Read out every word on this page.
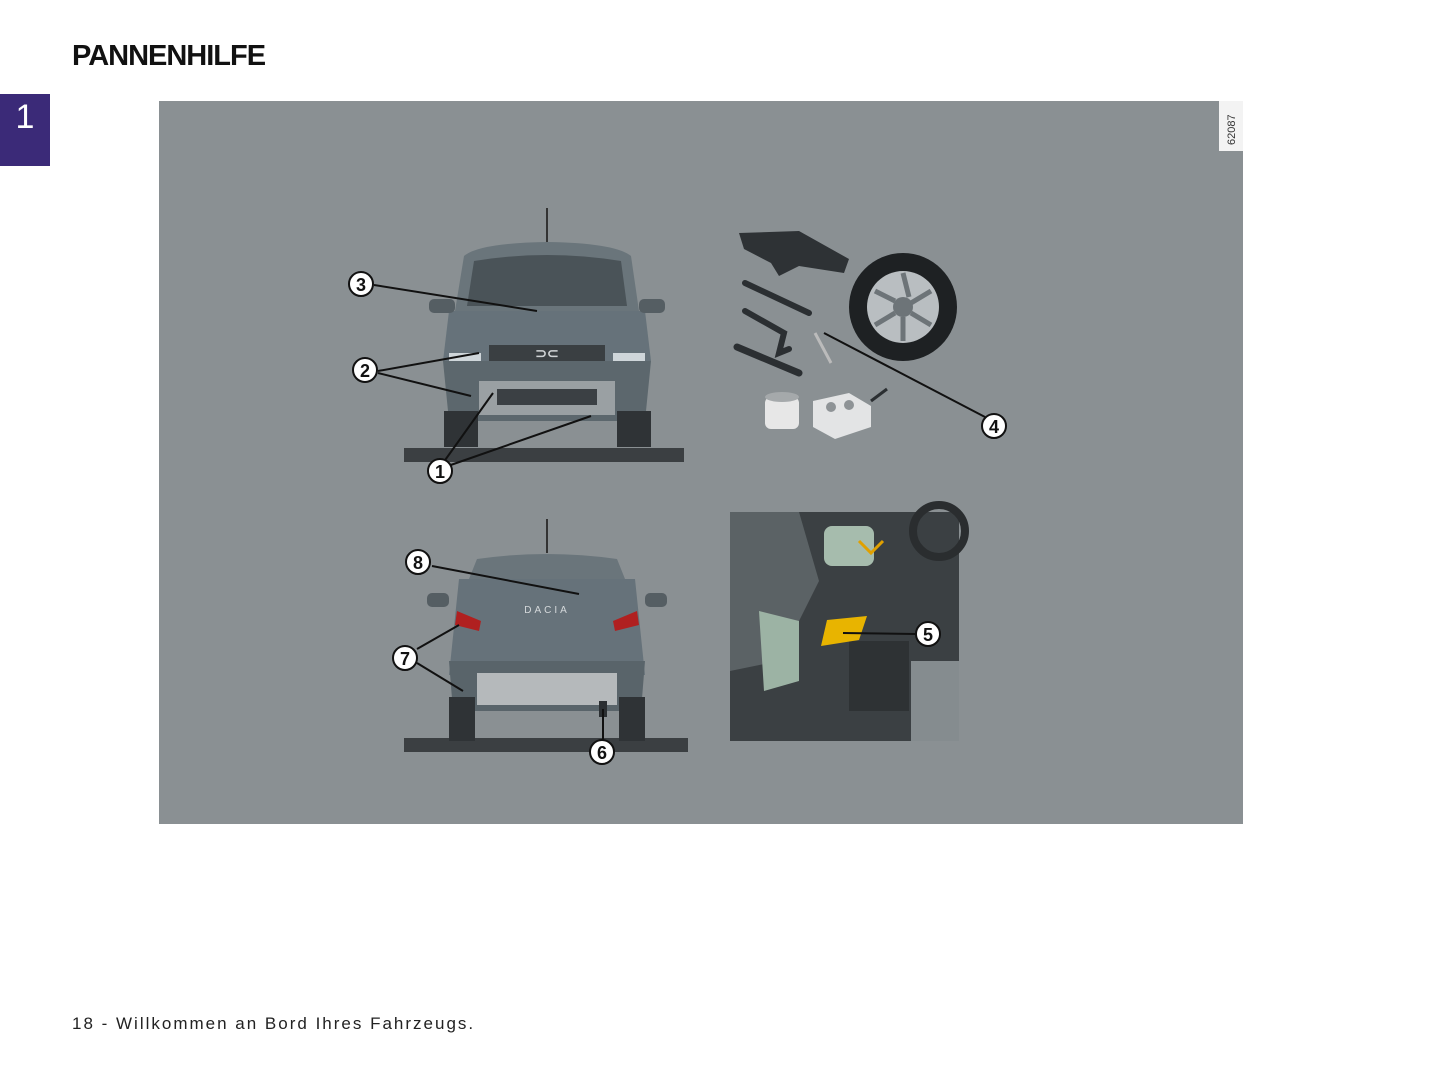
PANNENHILFE
1	62087
⊃⊂
DACIA
1
2
3
4
5
6
7
8
18 - Willkommen an Bord Ihres Fahrzeugs.
